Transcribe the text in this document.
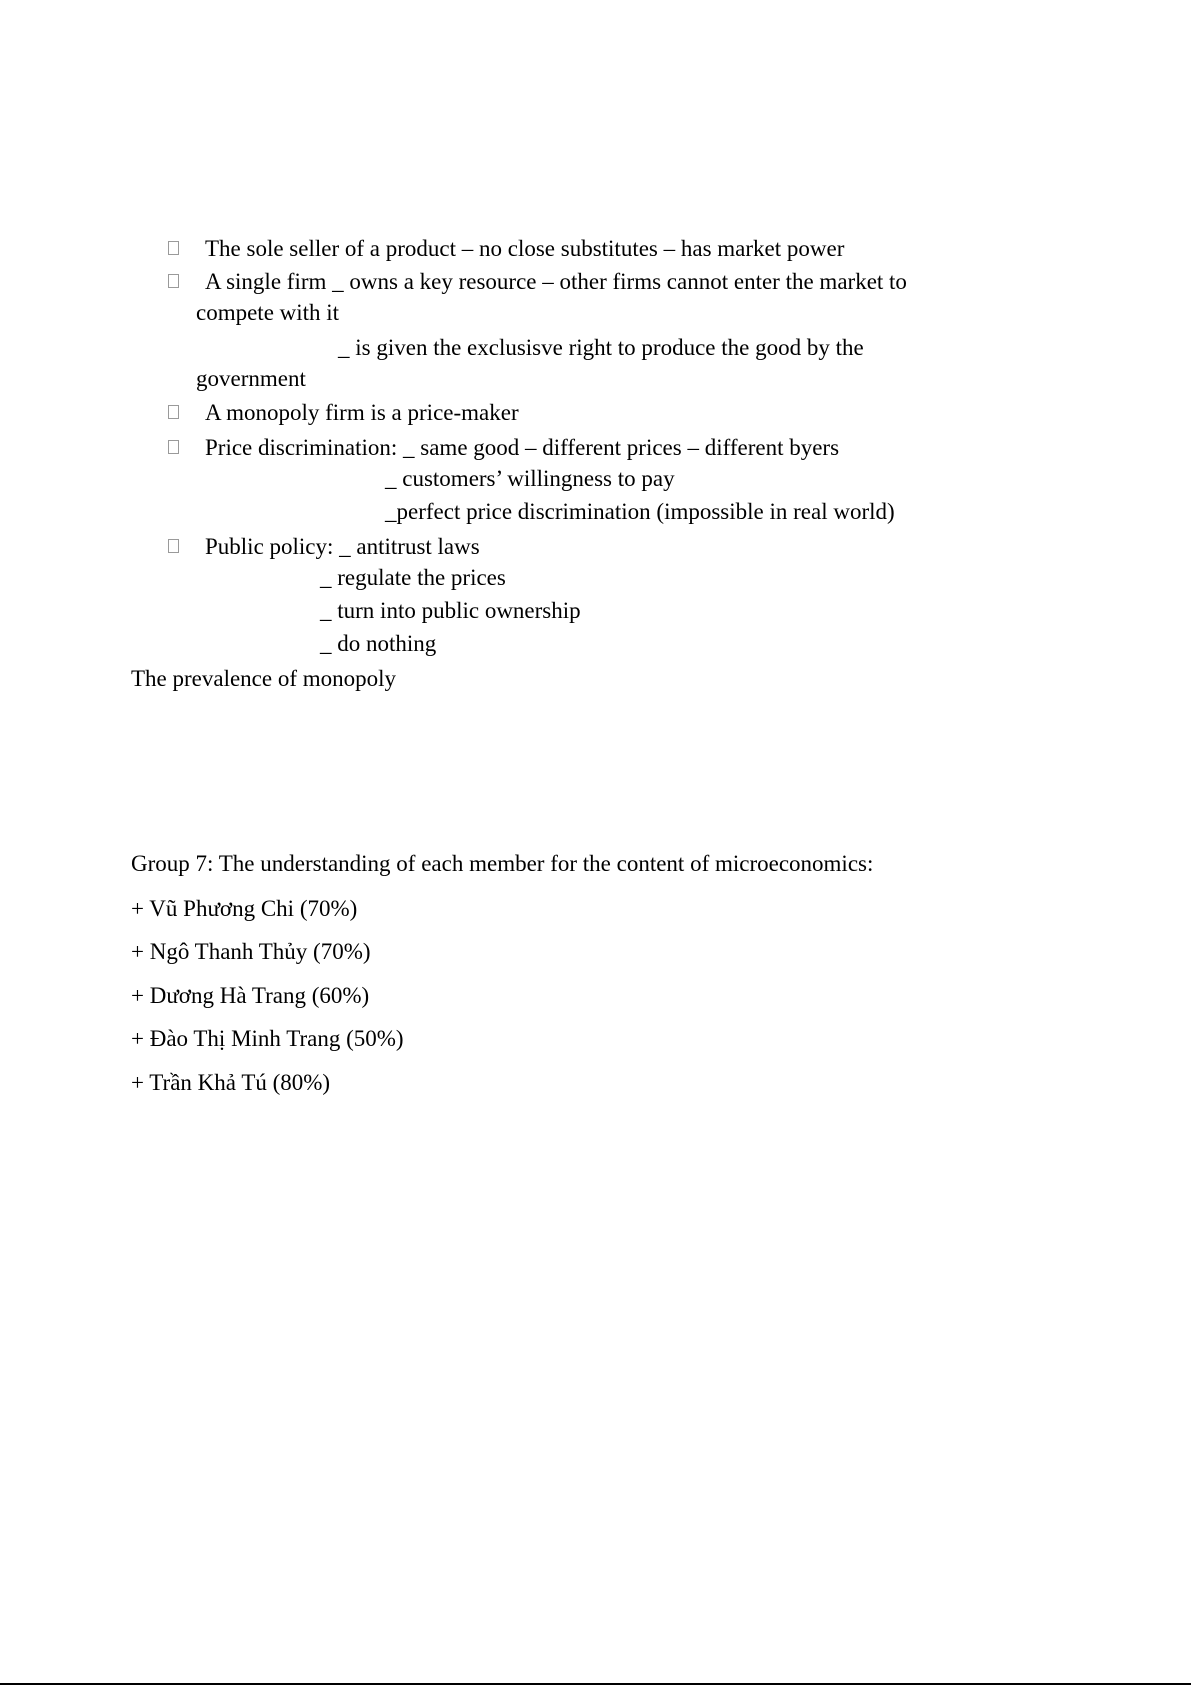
The sole seller of a product – no close substitutes – has market power
A single firm _ owns a key resource – other firms cannot enter the market to
compete with it
_ is given the exclusisve right to produce the good by the
government
A monopoly firm is a price-maker
Price discrimination: _ same good – different prices – different byers
_ customers’ willingness to pay
_perfect price discrimination (impossible in real world)
Public policy: _ antitrust laws
_ regulate the prices
_ turn into public ownership
_ do nothing
The prevalence of monopoly
Group 7: The understanding of each member for the content of microeconomics:
+ Vũ Phương Chi (70%)
+ Ngô Thanh Thủy (70%)
+ Dương Hà Trang (60%)
+ Đào Thị Minh Trang (50%)
+ Trần Khả Tú (80%)
